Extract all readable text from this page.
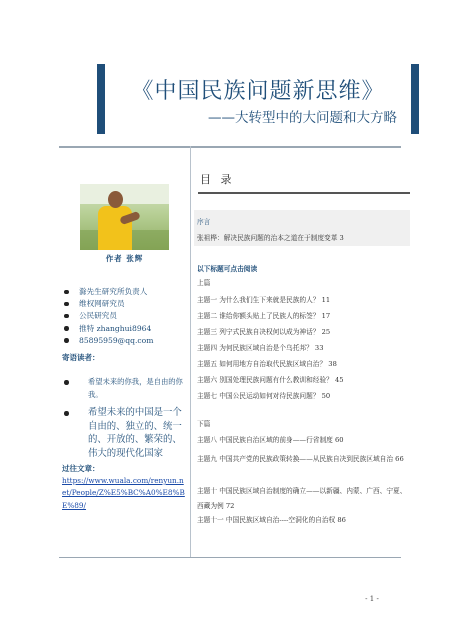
《中国民族问题新思维》
——大转型中的大问题和大方略
作者 张辉
滁先生研究所负责人
维权网研究员
公民研究员
推特 zhanghui8964
85895959@qq.com
寄语读者：
希望未来的你我，是自由的你我。
希望未来的中国是一个自由的、独立的、统一的、开放的、繁荣的、伟大的现代化国家
过往文章：
https://www.wuala.com/renyun.net/People/Z%E5%BC%A0%E8%BE%89/
目 录
序言
张祖桦：解决民族问题的治本之道在于制度变革 3
以下标题可点击阅读
上篇
主题一 为什么我们生下来就是民族的人？ 11
主题二 谁给你额头贴上了民族人的标签？ 17
主题三 列宁式民族自决权何以成为神话？ 25
主题四 为何民族区域自治是个乌托邦？ 33
主题五 如何用地方自治取代民族区域自治？ 38
主题六 别国处理民族问题有什么教训和经验？ 45
主题七 中国公民运动如何对待民族问题？ 50
下篇
主题八 中国民族自治区域的前身——行省制度 60
主题九 中国共产党的民族政策转换——从民族自决到民族区域自治 66
主题十 中国民族区域自治制度的确立——以新疆、内蒙、广西、宁夏、西藏为例 72
主题十一 中国民族区域自治----空洞化的自治权 86
- 1 -
